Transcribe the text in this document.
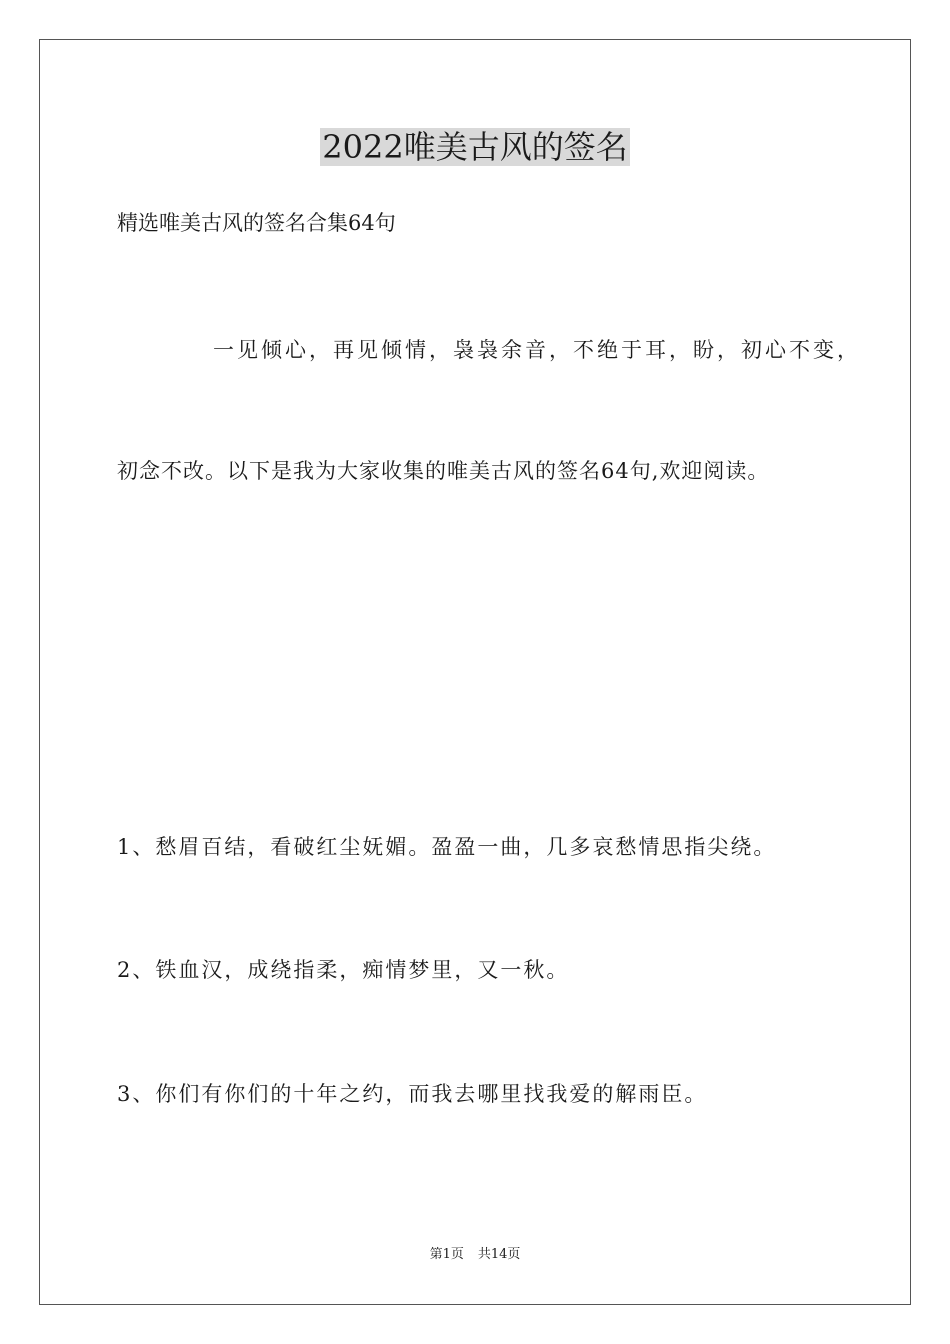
2022唯美古风的签名
精选唯美古风的签名合集64句
一见倾心，再见倾情，袅袅余音，不绝于耳，盼，初心不变，
初念不改。以下是我为大家收集的唯美古风的签名64句,欢迎阅读。
1、愁眉百结，看破红尘妩媚。盈盈一曲，几多哀愁情思指尖绕。
2、铁血汉，成绕指柔，痴情梦里，又一秋。
3、你们有你们的十年之约，而我去哪里找我爱的解雨臣。
第1页 共14页
